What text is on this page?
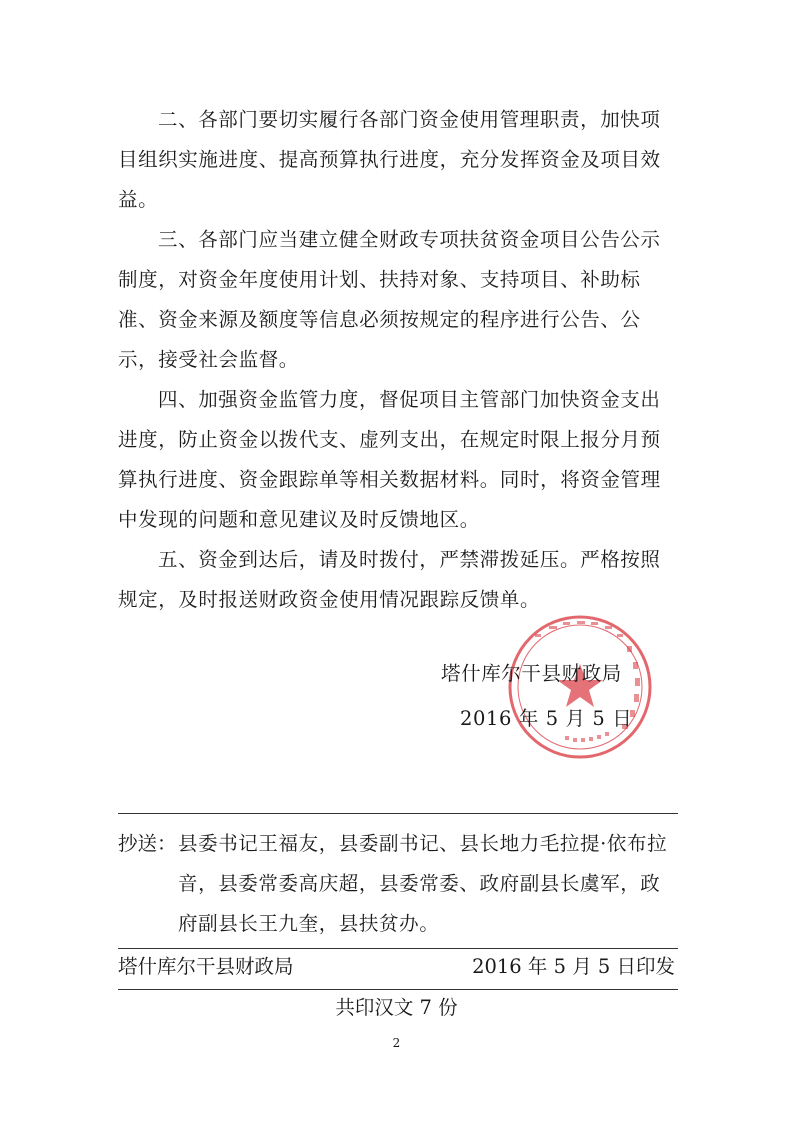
二、各部门要切实履行各部门资金使用管理职责，加快项目组织实施进度、提高预算执行进度，充分发挥资金及项目效益。

三、各部门应当建立健全财政专项扶贫资金项目公告公示制度，对资金年度使用计划、扶持对象、支持项目、补助标准、资金来源及额度等信息必须按规定的程序进行公告、公示，接受社会监督。

四、加强资金监管力度，督促项目主管部门加快资金支出进度，防止资金以拨代支、虚列支出，在规定时限上报分月预算执行进度、资金跟踪单等相关数据材料。同时，将资金管理中发现的问题和意见建议及时反馈地区。

五、资金到达后，请及时拨付，严禁滞拨延压。严格按照规定，及时报送财政资金使用情况跟踪反馈单。

塔什库尔干县财政局
2016 年 5 月 5 日
抄送： 县委书记王福友，县委副书记、县长地力毛拉提·依布拉音，县委常委高庆超，县委常委、政府副县长虞军，政府副县长王九奎，县扶贫办。

塔什库尔干县财政局	2016 年 5 月 5 日印发
共印汉文 7 份
2
